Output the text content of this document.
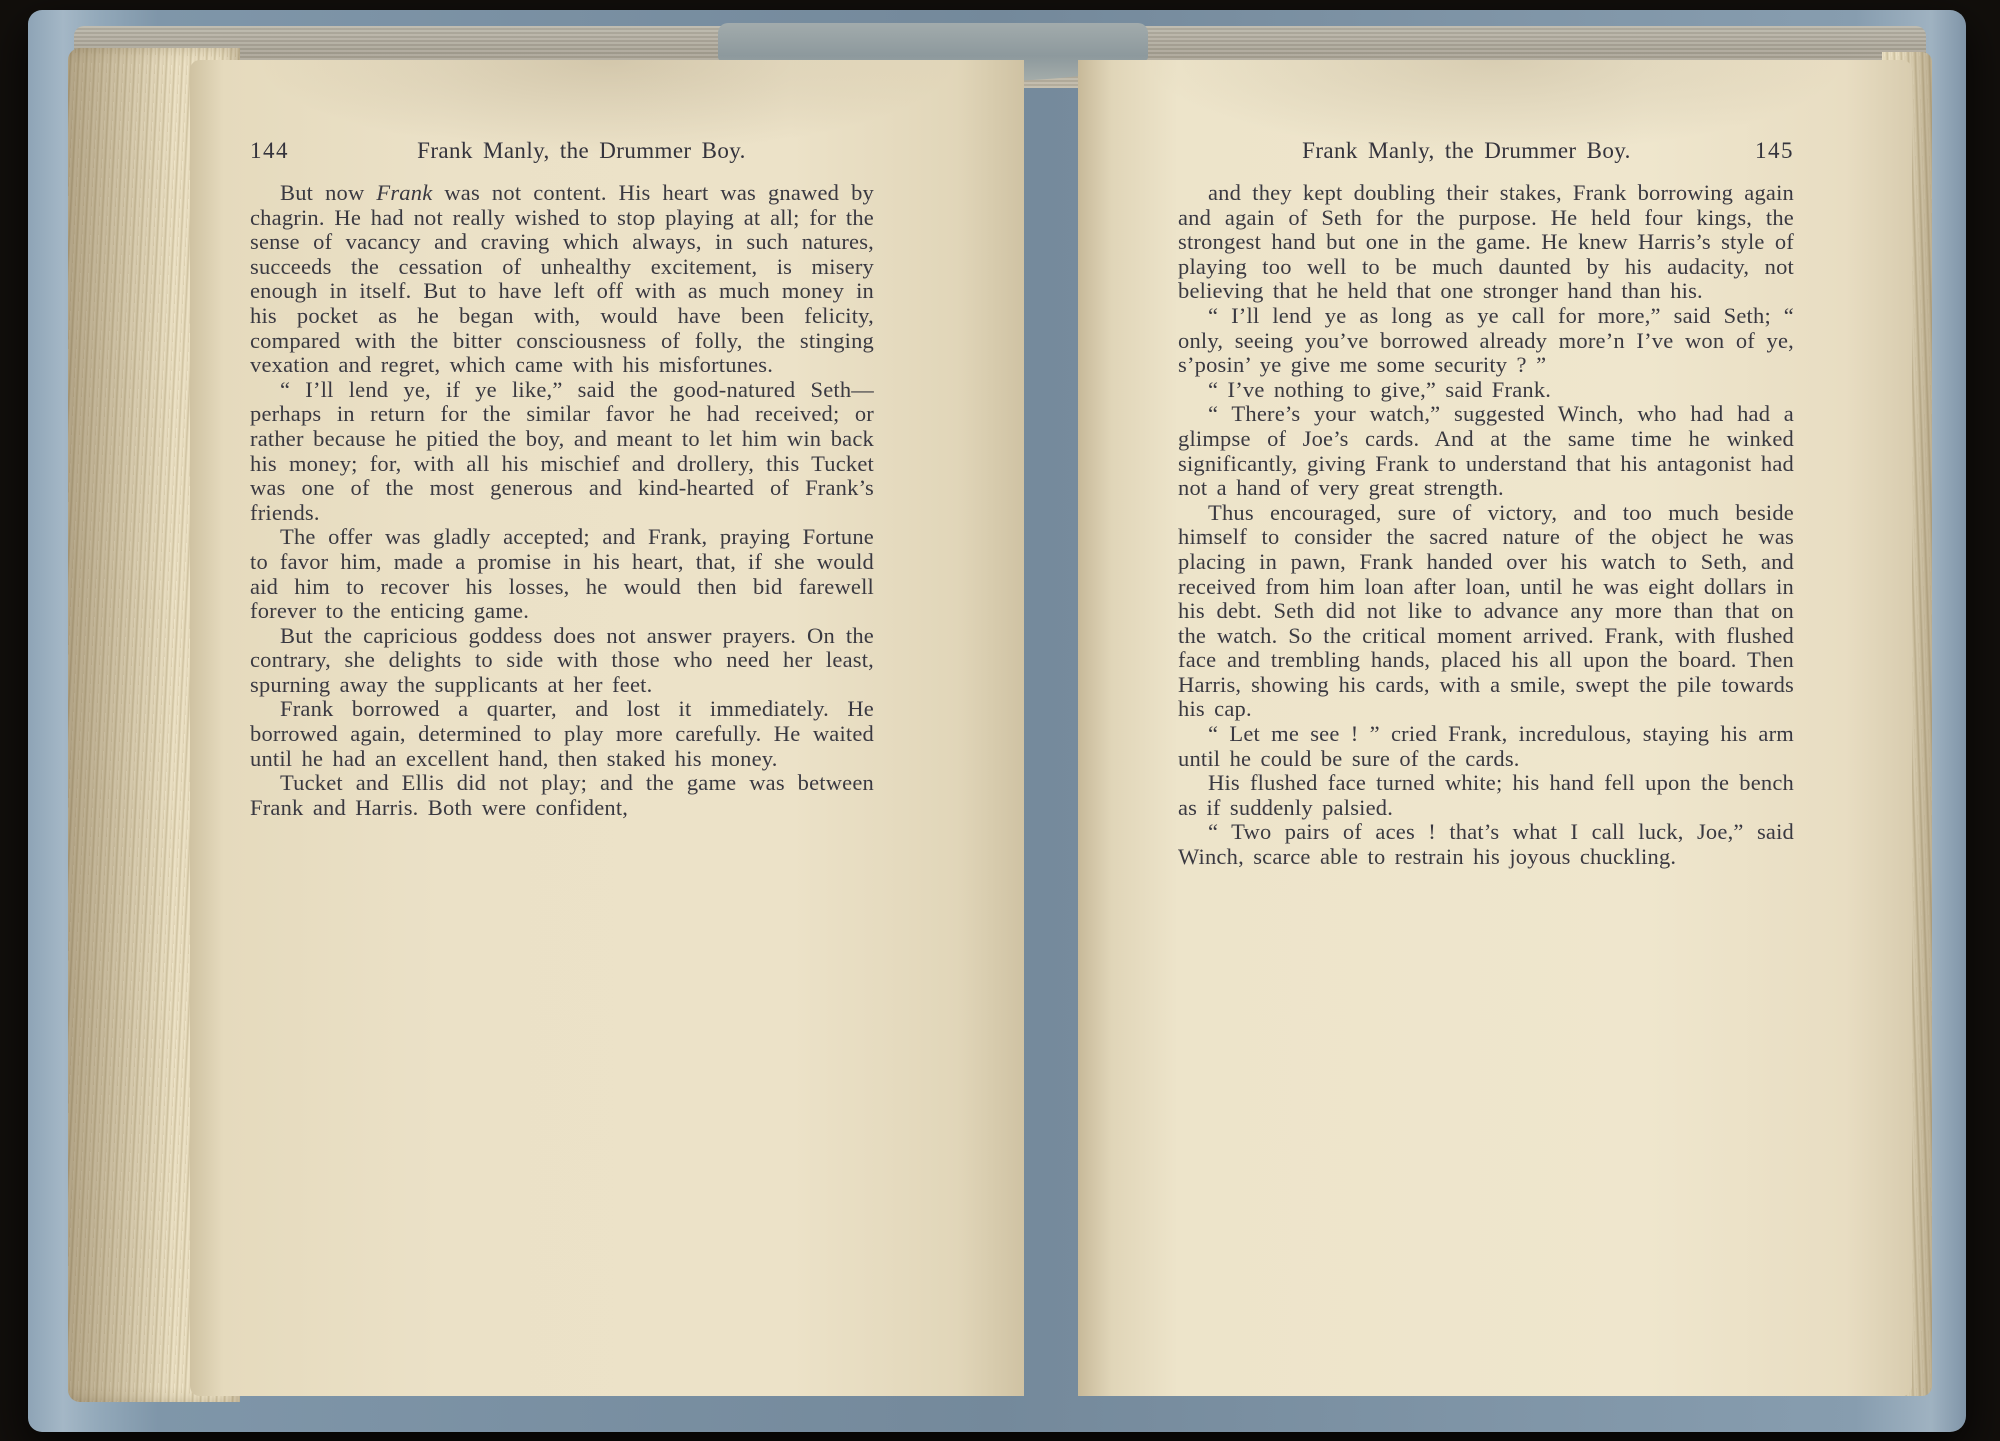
144	Frank Manly, the Drummer Boy.

But now Frank was not content. His heart was gnawed by chagrin. He had not really wished to stop playing at all; for the sense of vacancy and craving which always, in such natures, succeeds the cessation of unhealthy excitement, is misery enough in itself. But to have left off with as much money in his pocket as he began with, would have been felicity, compared with the bitter consciousness of folly, the stinging vexation and regret, which came with his misfortunes.

“ I’ll lend ye, if ye like,” said the good-natured Seth—perhaps in return for the similar favor he had received; or rather because he pitied the boy, and meant to let him win back his money; for, with all his mischief and drollery, this Tucket was one of the most generous and kind-hearted of Frank’s friends.

The offer was gladly accepted; and Frank, praying Fortune to favor him, made a promise in his heart, that, if she would aid him to recover his losses, he would then bid farewell forever to the enticing game.

But the capricious goddess does not answer prayers. On the contrary, she delights to side with those who need her least, spurning away the supplicants at her feet.

Frank borrowed a quarter, and lost it immediately. He borrowed again, determined to play more carefully. He waited until he had an excellent hand, then staked his money.

Tucket and Ellis did not play; and the game was between Frank and Harris. Both were confident,

Frank Manly, the Drummer Boy.	145

and they kept doubling their stakes, Frank borrowing again and again of Seth for the purpose. He held four kings, the strongest hand but one in the game. He knew Harris’s style of playing too well to be much daunted by his audacity, not believing that he held that one stronger hand than his.

“ I’ll lend ye as long as ye call for more,” said Seth; “ only, seeing you’ve borrowed already more’n I’ve won of ye, s’posin’ ye give me some security ? ”

“ I’ve nothing to give,” said Frank.

“ There’s your watch,” suggested Winch, who had had a glimpse of Joe’s cards. And at the same time he winked significantly, giving Frank to understand that his antagonist had not a hand of very great strength.

Thus encouraged, sure of victory, and too much beside himself to consider the sacred nature of the object he was placing in pawn, Frank handed over his watch to Seth, and received from him loan after loan, until he was eight dollars in his debt. Seth did not like to advance any more than that on the watch. So the critical moment arrived. Frank, with flushed face and trembling hands, placed his all upon the board. Then Harris, showing his cards, with a smile, swept the pile towards his cap.

“ Let me see ! ” cried Frank, incredulous, staying his arm until he could be sure of the cards.

His flushed face turned white; his hand fell upon the bench as if suddenly palsied.

“ Two pairs of aces ! that’s what I call luck, Joe,” said Winch, scarce able to restrain his joyous chuckling.
